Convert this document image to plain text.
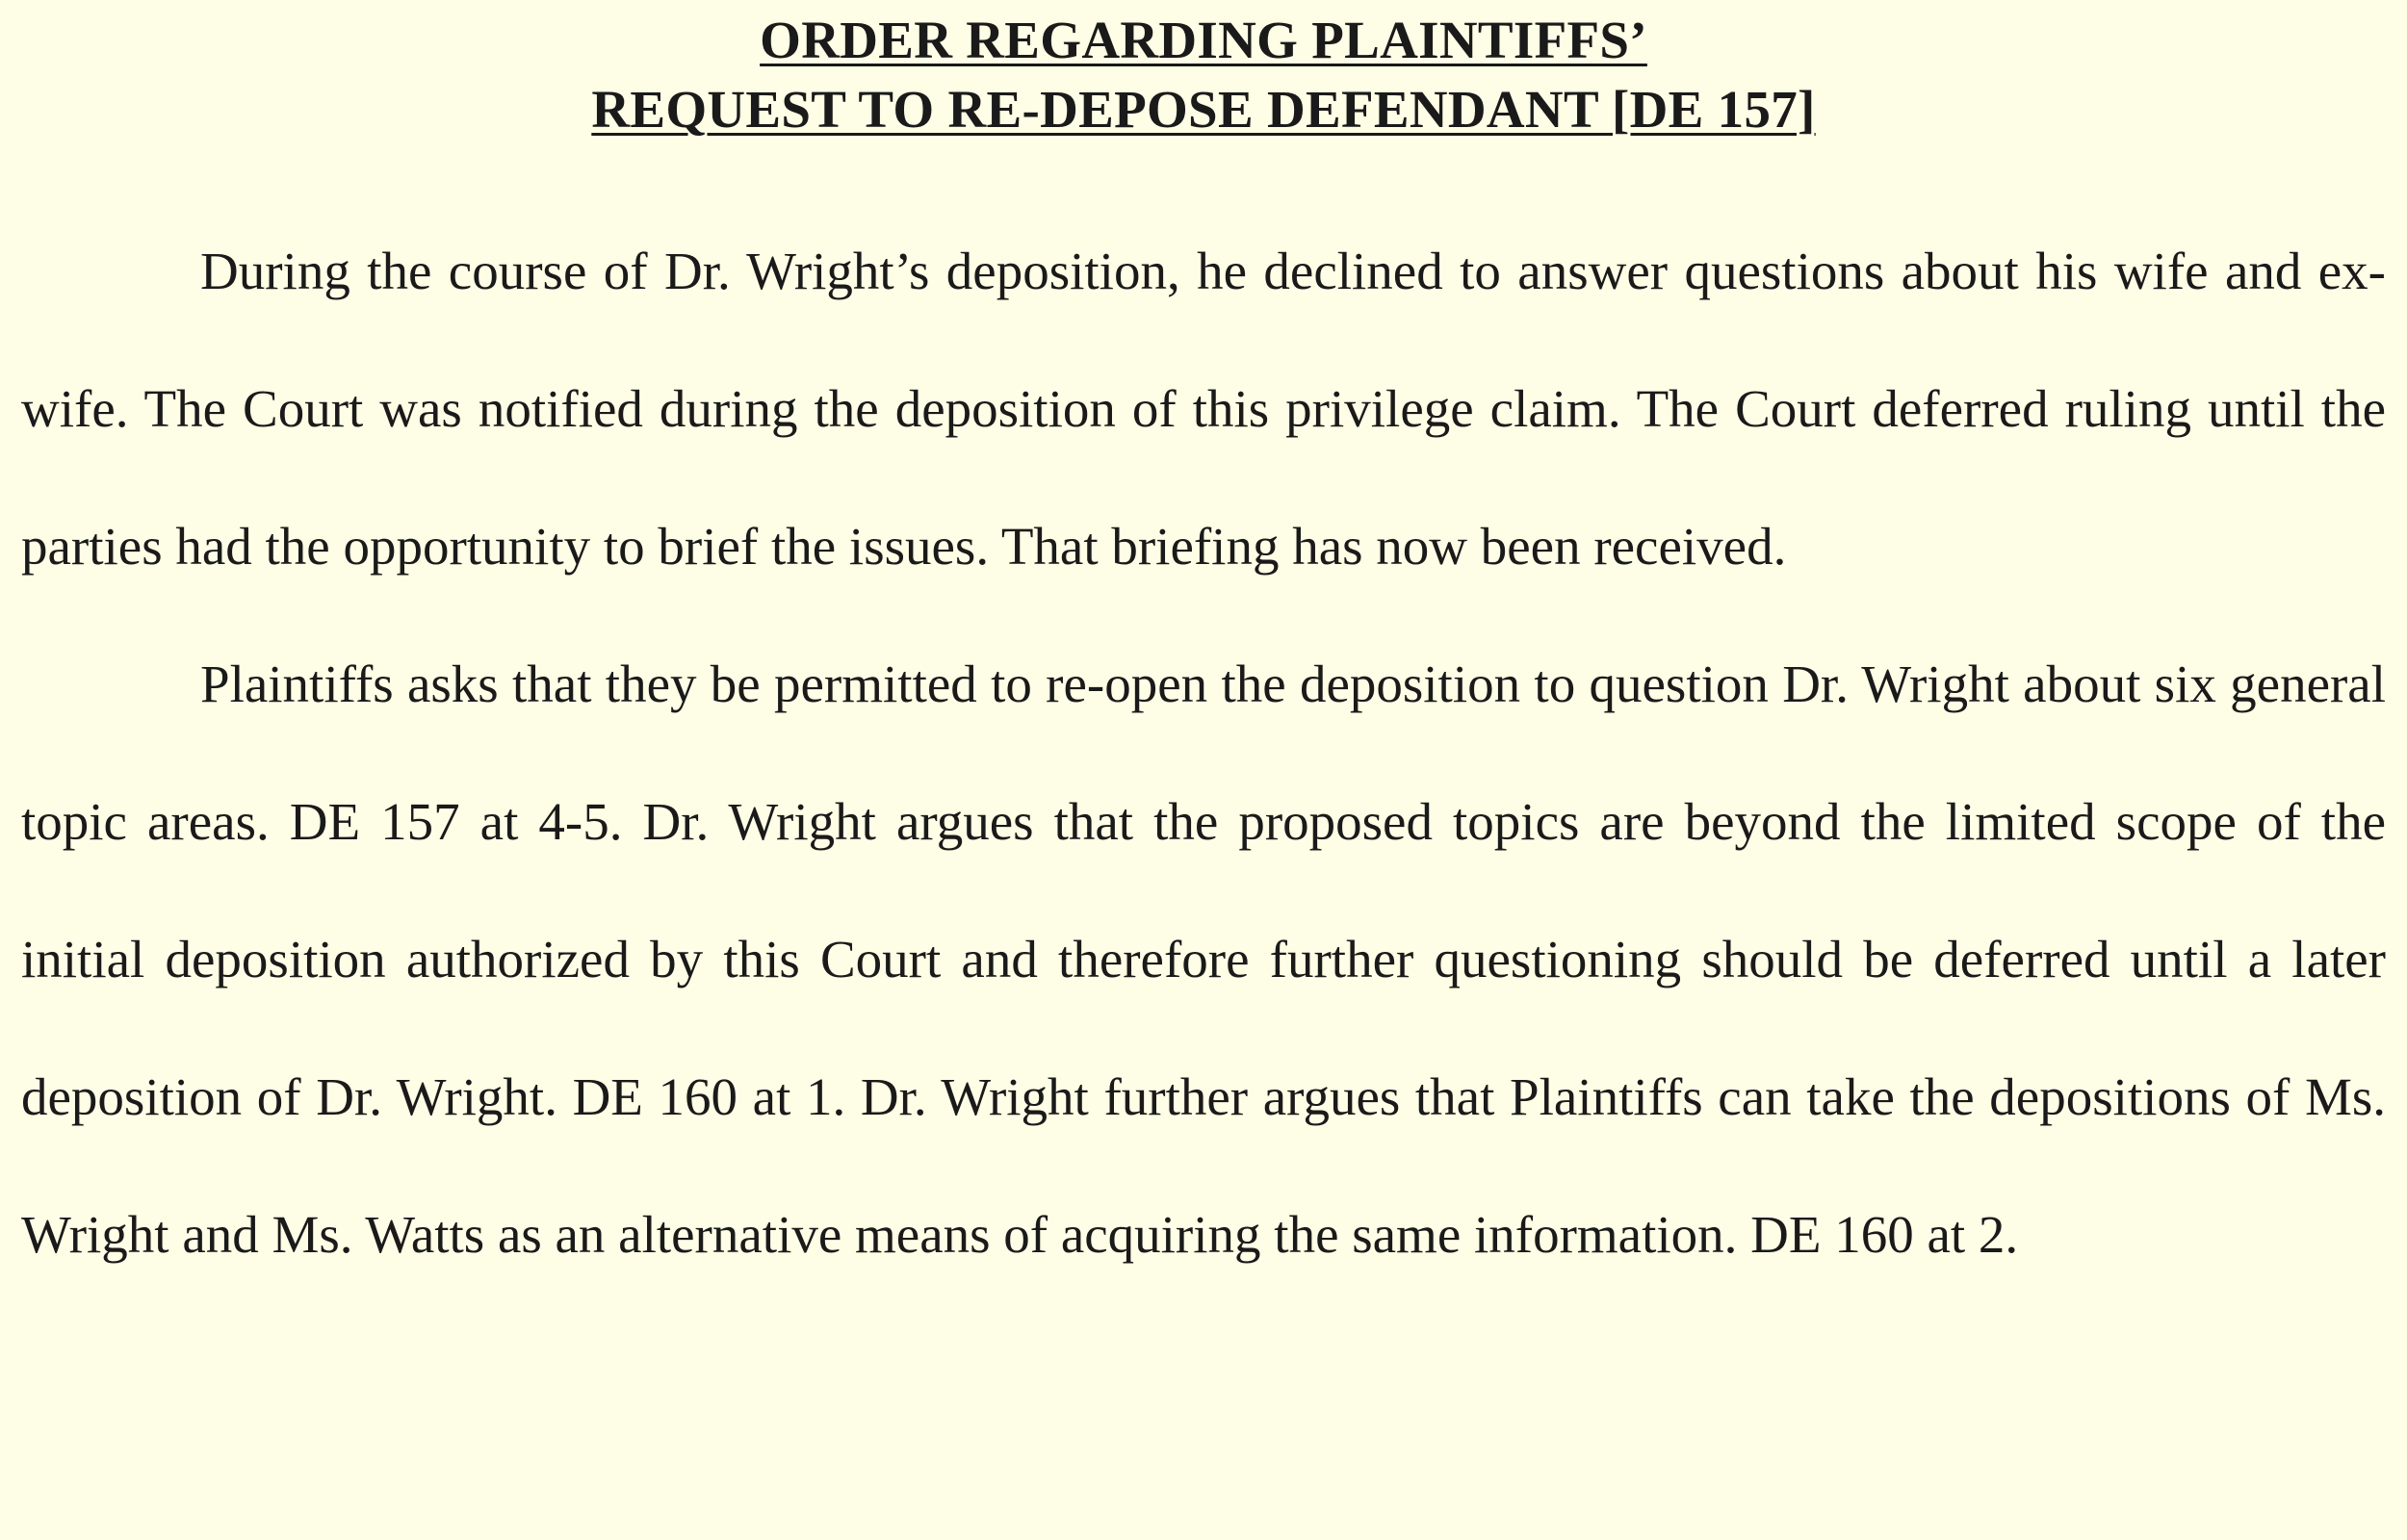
ORDER REGARDING PLAINTIFFS’
REQUEST TO RE-DEPOSE DEFENDANT [DE 157]

During the course of Dr. Wright’s deposition, he declined to answer questions about his wife and ex-wife. The Court was notified during the deposition of this privilege claim. The Court deferred ruling until the parties had the opportunity to brief the issues. That briefing has now been received.

Plaintiffs asks that they be permitted to re-open the deposition to question Dr. Wright about six general topic areas. DE 157 at 4-5. Dr. Wright argues that the proposed topics are beyond the limited scope of the initial deposition authorized by this Court and therefore further questioning should be deferred until a later deposition of Dr. Wright. DE 160 at 1. Dr. Wright further argues that Plaintiffs can take the depositions of Ms. Wright and Ms. Watts as an alternative means of acquiring the same information. DE 160 at 2.
